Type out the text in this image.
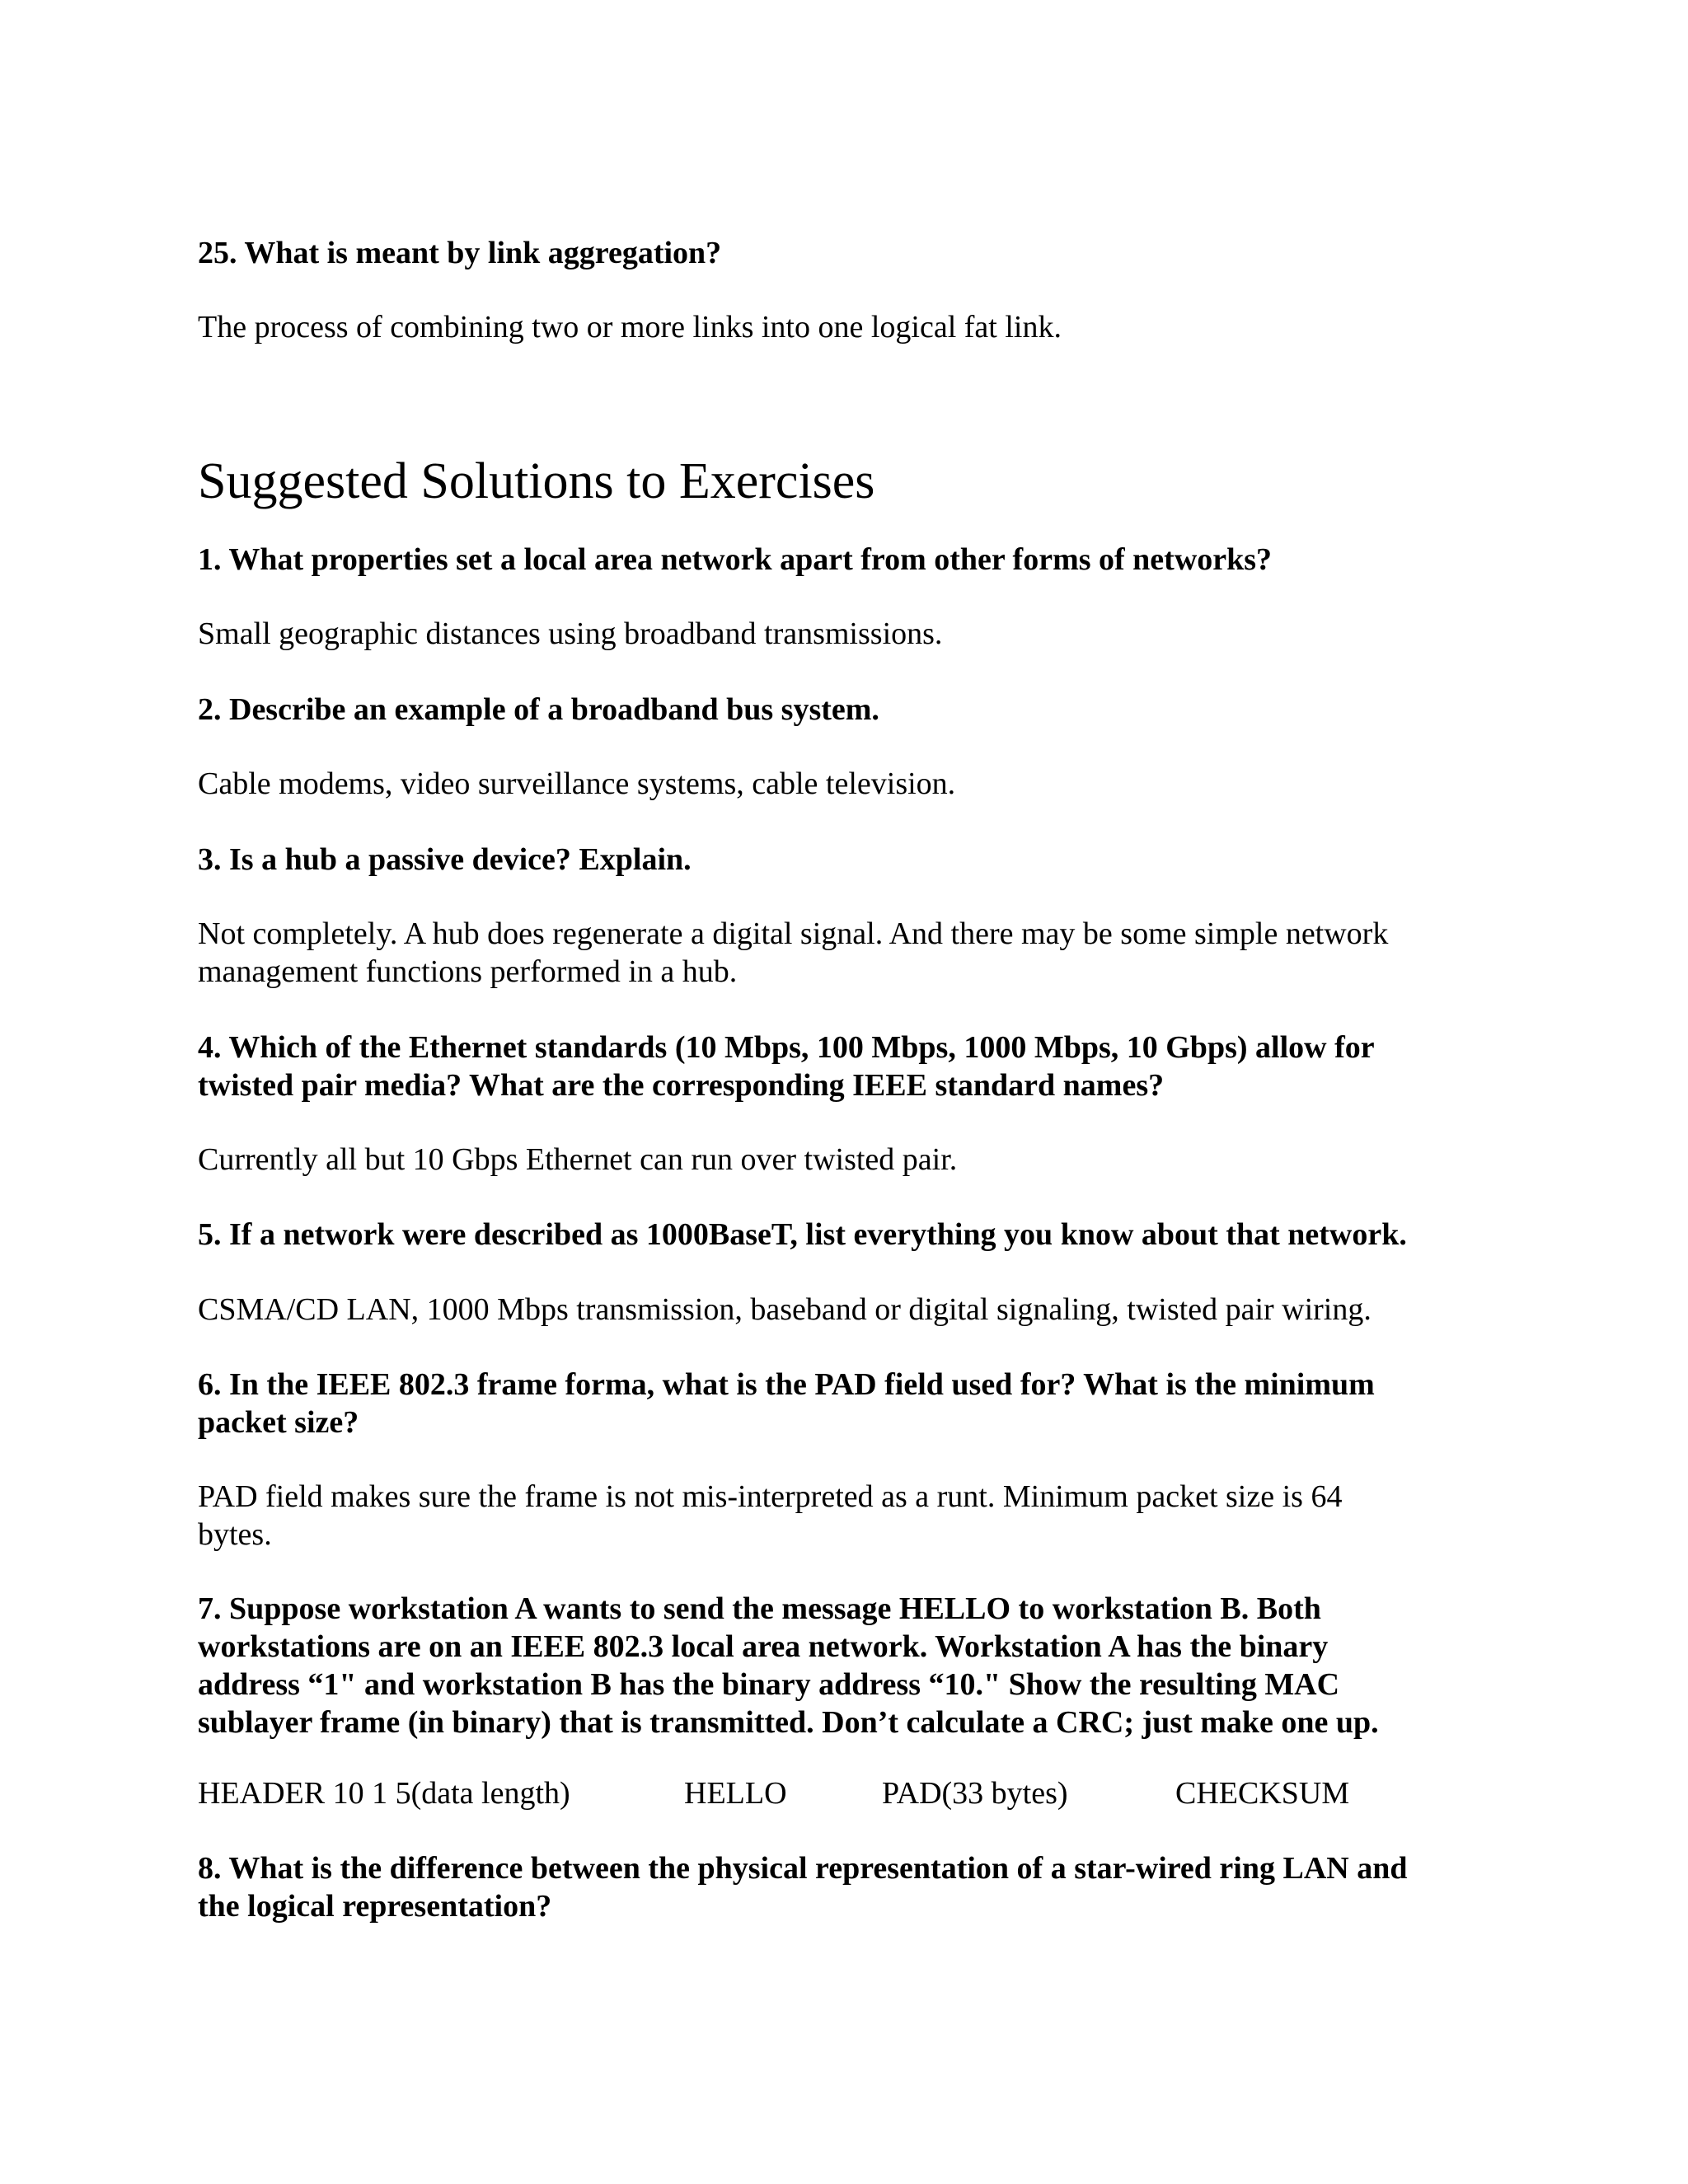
25. What is meant by link aggregation?

The process of combining two or more links into one logical fat link.

Suggested Solutions to Exercises

1. What properties set a local area network apart from other forms of networks?

Small geographic distances using broadband transmissions.

2. Describe an example of a broadband bus system.

Cable modems, video surveillance systems, cable television.

3. Is a hub a passive device? Explain.

Not completely. A hub does regenerate a digital signal. And there may be some simple network
management functions performed in a hub.

4. Which of the Ethernet standards (10 Mbps, 100 Mbps, 1000 Mbps, 10 Gbps) allow for
twisted pair media? What are the corresponding IEEE standard names?

Currently all but 10 Gbps Ethernet can run over twisted pair.

5. If a network were described as 1000BaseT, list everything you know about that network.

CSMA/CD LAN, 1000 Mbps transmission, baseband or digital signaling, twisted pair wiring.

6. In the IEEE 802.3 frame forma, what is the PAD field used for? What is the minimum
packet size?

PAD field makes sure the frame is not mis-interpreted as a runt. Minimum packet size is 64
bytes.

7. Suppose workstation A wants to send the message HELLO to workstation B. Both
workstations are on an IEEE 802.3 local area network. Workstation A has the binary
address “1" and workstation B has the binary address “10." Show the resulting MAC
sublayer frame (in binary) that is transmitted. Don’t calculate a CRC; just make one up.

HEADER 10 1 5(data length)	HELLO	PAD(33 bytes)	CHECKSUM

8. What is the difference between the physical representation of a star-wired ring LAN and
the logical representation?
